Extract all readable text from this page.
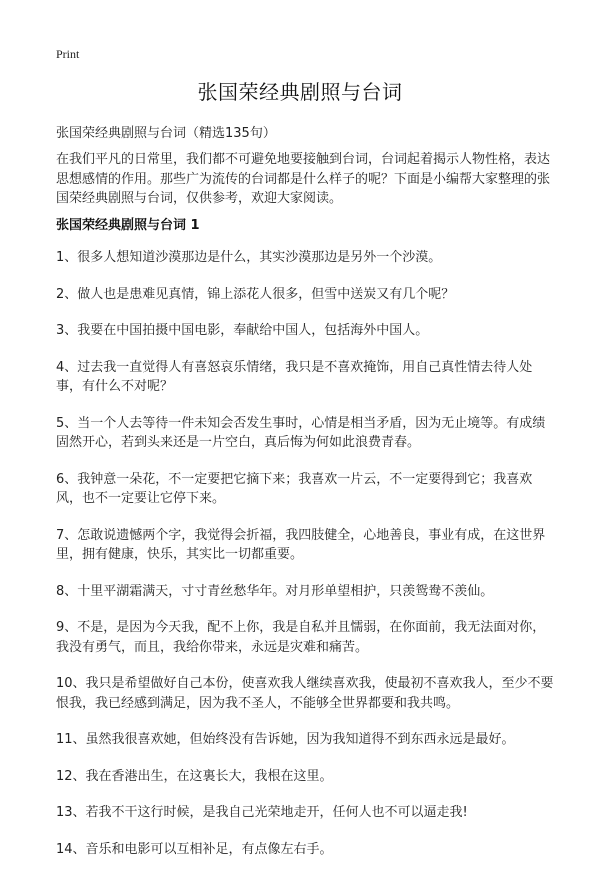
Print
张国荣经典剧照与台词
张国荣经典剧照与台词（精选135句）

在我们平凡的日常里，我们都不可避免地要接触到台词，台词起着揭示人物性格，表达思想感情的作用。那些广为流传的台词都是什么样子的呢？下面是小编帮大家整理的张国荣经典剧照与台词，仅供参考，欢迎大家阅读。

张国荣经典剧照与台词 1
1、很多人想知道沙漠那边是什么，其实沙漠那边是另外一个沙漠。
2、做人也是患难见真情，锦上添花人很多，但雪中送炭又有几个呢？
3、我要在中国拍摄中国电影，奉献给中国人，包括海外中国人。
4、过去我一直觉得人有喜怒哀乐情绪，我只是不喜欢掩饰，用自己真性情去待人处事，有什么不对呢？
5、当一个人去等待一件未知会否发生事时，心情是相当矛盾，因为无止境等。有成绩固然开心，若到头来还是一片空白，真后悔为何如此浪费青春。
6、我钟意一朵花，不一定要把它摘下来；我喜欢一片云，不一定要得到它；我喜欢风，也不一定要让它停下来。
7、怎敢说遗憾两个字，我觉得会折福，我四肢健全，心地善良，事业有成，在这世界里，拥有健康，快乐，其实比一切都重要。
8、十里平湖霜满天，寸寸青丝愁华年。对月形单望相护，只羡鸳鸯不羡仙。
9、不是，是因为今天我，配不上你，我是自私并且懦弱，在你面前，我无法面对你，我没有勇气，而且，我给你带来，永远是灾难和痛苦。
10、我只是希望做好自己本份，使喜欢我人继续喜欢我，使最初不喜欢我人，至少不要恨我，我已经感到满足，因为我不圣人，不能够全世界都要和我共鸣。
11、虽然我很喜欢她，但始终没有告诉她，因为我知道得不到东西永远是最好。
12、我在香港出生，在这裏长大，我根在这里。
13、若我不干这行时候，是我自己光荣地走开，任何人也不可以逼走我!
14、音乐和电影可以互相补足，有点像左右手。
